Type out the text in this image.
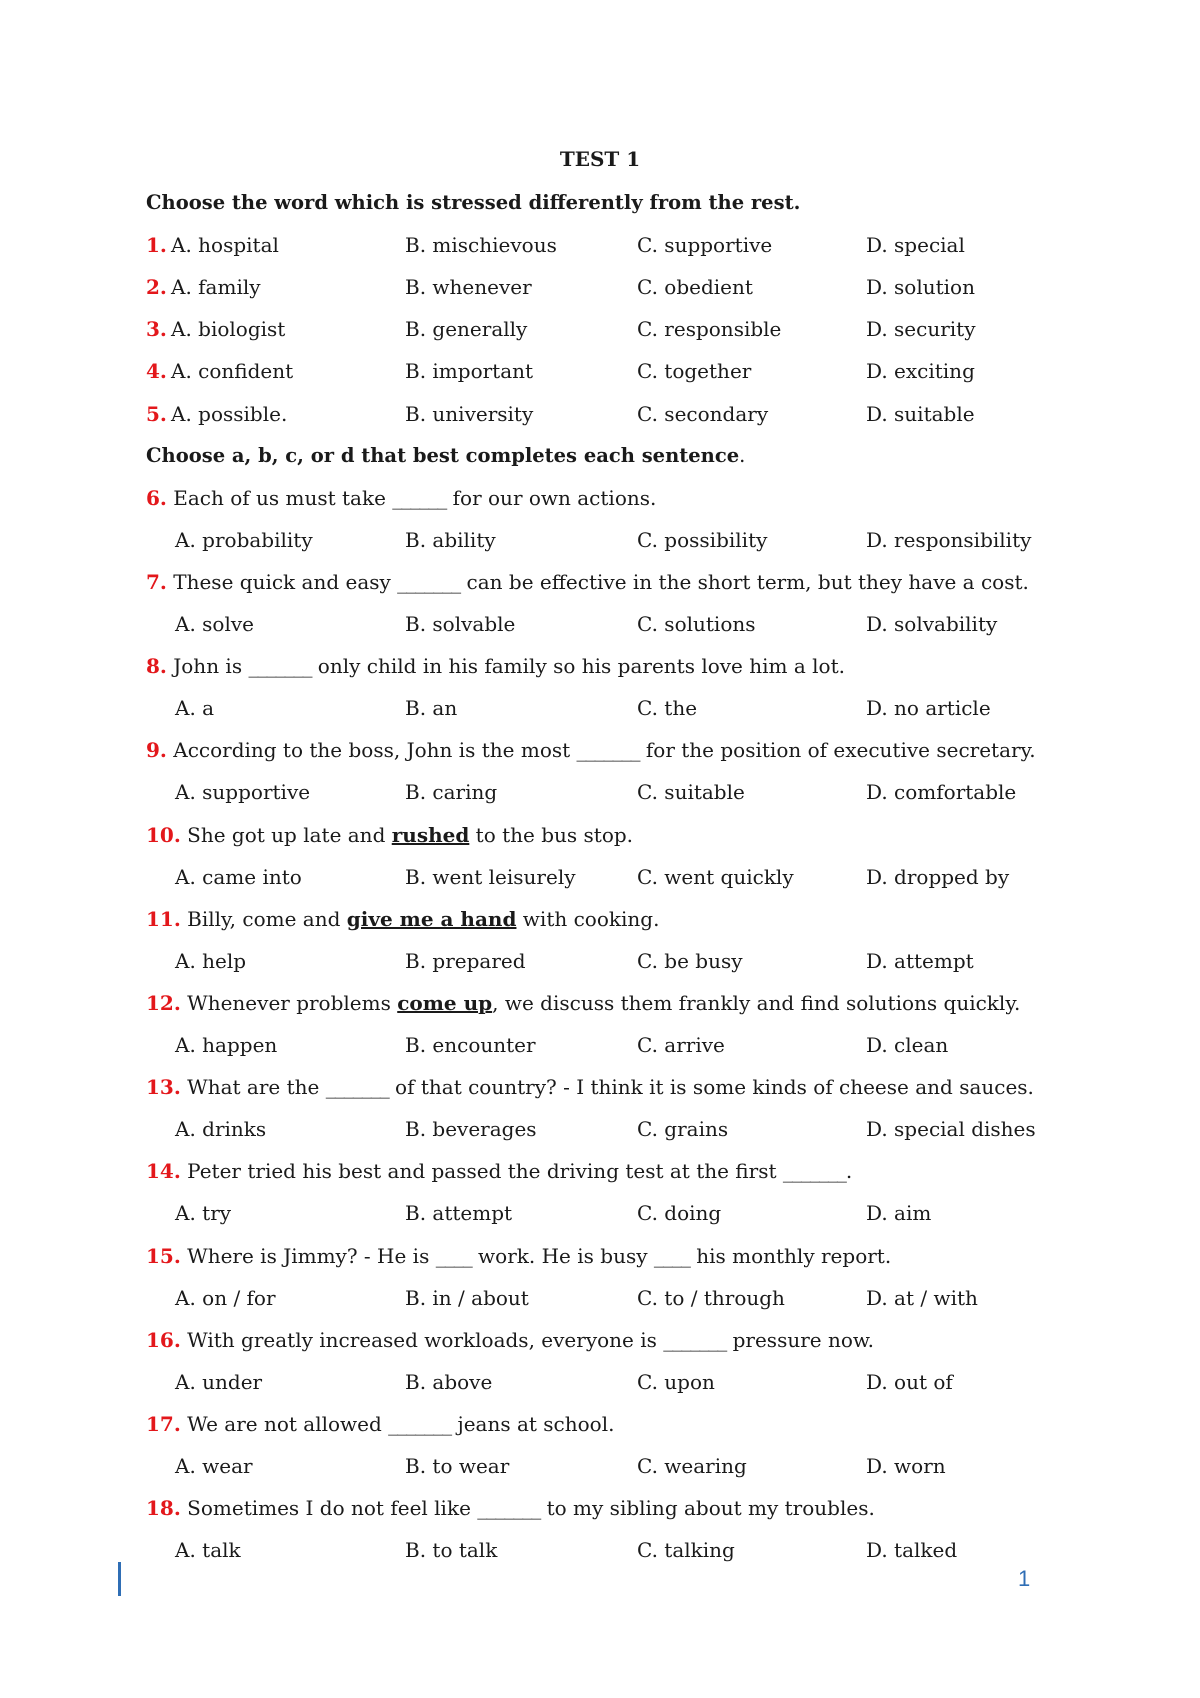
TEST 1
Choose the word which is stressed differently from the rest.
1. A. hospital	B. mischievous	C. supportive	D. special
2. A. family	B. whenever	C. obedient	D. solution
3. A. biologist	B. generally	C. responsible	D. security
4. A. confident	B. important	C. together	D. exciting
5. A. possible.	B. university	C. secondary	D. suitable
Choose a, b, c, or d that best completes each sentence.
6. Each of us must take ______ for our own actions.
A. probability	B. ability	C. possibility	D. responsibility
7. These quick and easy _______ can be effective in the short term, but they have a cost.
A. solve	B. solvable	C. solutions	D. solvability
8. John is _______ only child in his family so his parents love him a lot.
A. a	B. an	C. the	D. no article
9. According to the boss, John is the most _______ for the position of executive secretary.
A. supportive	B. caring	C. suitable	D. comfortable
10. She got up late and rushed to the bus stop.
A. came into	B. went leisurely	C. went quickly	D. dropped by
11. Billy, come and give me a hand with cooking.
A. help	B. prepared	C. be busy	D. attempt
12. Whenever problems come up, we discuss them frankly and find solutions quickly.
A. happen	B. encounter	C. arrive	D. clean
13. What are the _______ of that country? - I think it is some kinds of cheese and sauces.
A. drinks	B. beverages	C. grains	D. special dishes
14. Peter tried his best and passed the driving test at the first _______.
A. try	B. attempt	C. doing	D. aim
15. Where is Jimmy? - He is ____ work. He is busy ____ his monthly report.
A. on / for	B. in / about	C. to / through	D. at / with
16. With greatly increased workloads, everyone is _______ pressure now.
A. under	B. above	C. upon	D. out of
17. We are not allowed _______ jeans at school.
A. wear	B. to wear	C. wearing	D. worn
18. Sometimes I do not feel like _______ to my sibling about my troubles.
A. talk	B. to talk	C. talking	D. talked
1
